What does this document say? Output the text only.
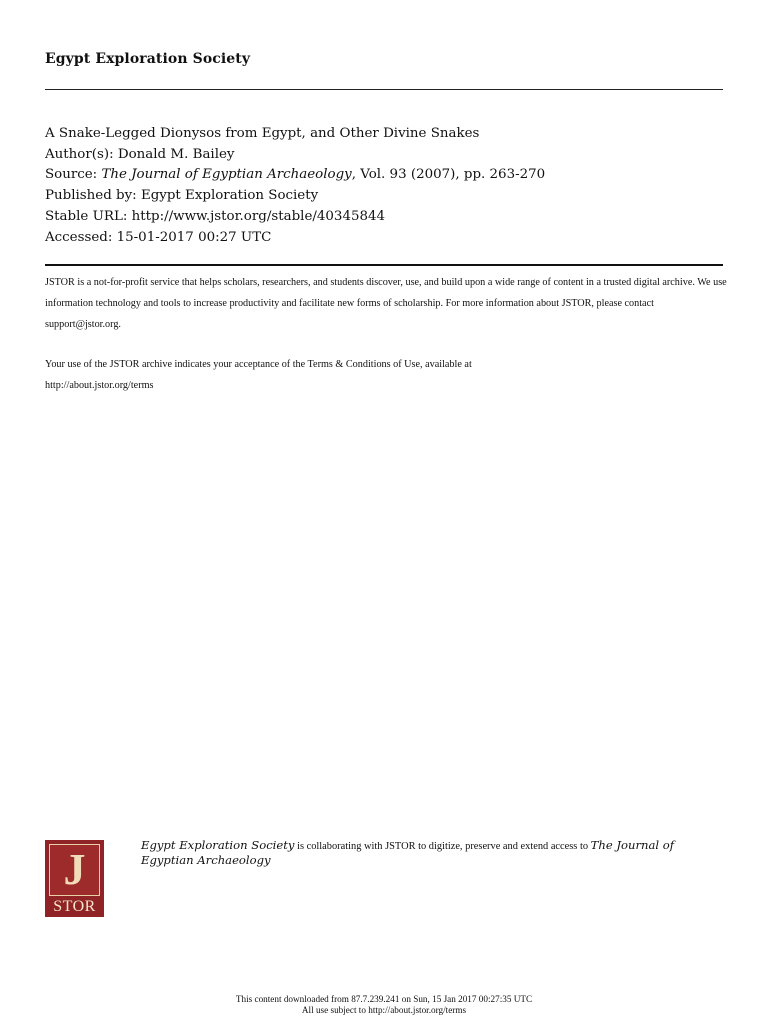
Egypt Exploration Society
A Snake-Legged Dionysos from Egypt, and Other Divine Snakes
Author(s): Donald M. Bailey
Source: The Journal of Egyptian Archaeology, Vol. 93 (2007), pp. 263-270
Published by: Egypt Exploration Society
Stable URL: http://www.jstor.org/stable/40345844
Accessed: 15-01-2017 00:27 UTC

JSTOR is a not-for-profit service that helps scholars, researchers, and students discover, use, and build upon a wide range of content in a trusted digital archive. We use information technology and tools to increase productivity and facilitate new forms of scholarship. For more information about JSTOR, please contact support@jstor.org.

Your use of the JSTOR archive indicates your acceptance of the Terms & Conditions of Use, available at

http://about.jstor.org/terms

J
STOR
Egypt Exploration Society is collaborating with JSTOR to digitize, preserve and extend access to The Journal of Egyptian Archaeology
This content downloaded from 87.7.239.241 on Sun, 15 Jan 2017 00:27:35 UTC
All use subject to http://about.jstor.org/terms
